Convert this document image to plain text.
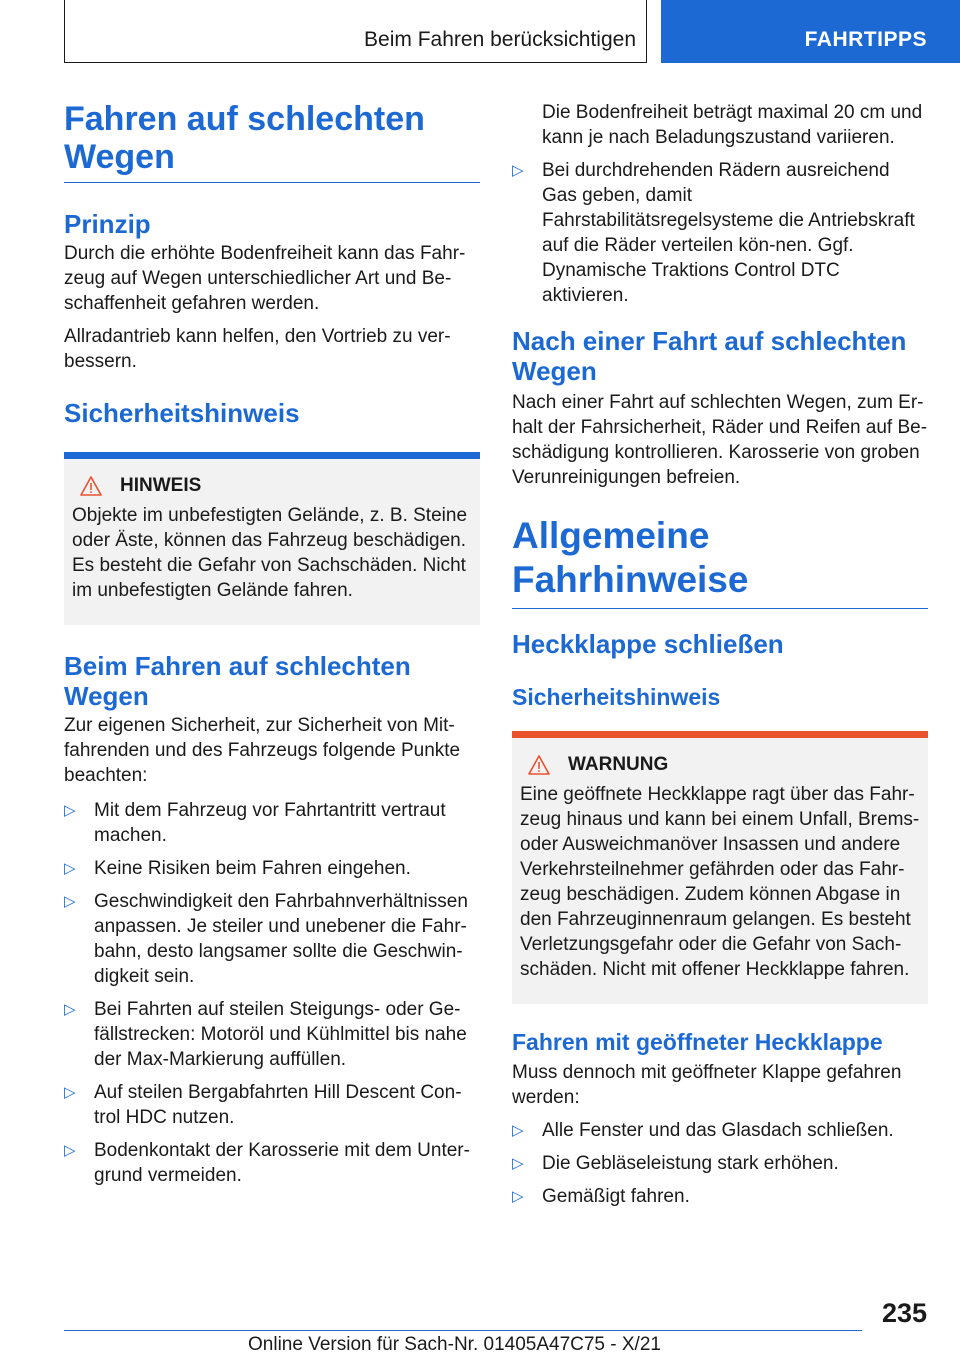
Beim Fahren berücksichtigen	FAHRTIPPS
Fahren auf schlechten Wegen
Prinzip

Durch die erhöhte Bodenfreiheit kann das Fahr-zeug auf Wegen unterschiedlicher Art und Be-schaffenheit gefahren werden.

Allradantrieb kann helfen, den Vortrieb zu ver-bessern.

Sicherheitshinweis
HINWEIS

Objekte im unbefestigten Gelände, z. B. Steine oder Äste, können das Fahrzeug beschädigen. Es besteht die Gefahr von Sachschäden. Nicht im unbefestigten Gelände fahren.

Beim Fahren auf schlechten Wegen

Zur eigenen Sicherheit, zur Sicherheit von Mit-fahrenden und des Fahrzeugs folgende Punkte beachten:

▷ Mit dem Fahrzeug vor Fahrtantritt vertraut machen.
▷ Keine Risiken beim Fahren eingehen.
▷ Geschwindigkeit den Fahrbahnverhältnissen anpassen. Je steiler und unebener die Fahr-bahn, desto langsamer sollte die Geschwin-digkeit sein.
▷ Bei Fahrten auf steilen Steigungs- oder Ge-fällstrecken: Motoröl und Kühlmittel bis nahe der Max-Markierung auffüllen.
▷ Auf steilen Bergabfahrten Hill Descent Con-trol HDC nutzen.
▷ Bodenkontakt der Karosserie mit dem Unter-grund vermeiden.

Die Bodenfreiheit beträgt maximal 20 cm und kann je nach Beladungszustand variieren.

▷ Bei durchdrehenden Rädern ausreichend Gas geben, damit Fahrstabilitätsregelsysteme die Antriebskraft auf die Räder verteilen kön-nen. Ggf. Dynamische Traktions Control DTC aktivieren.
Nach einer Fahrt auf schlechten Wegen

Nach einer Fahrt auf schlechten Wegen, zum Er-halt der Fahrsicherheit, Räder und Reifen auf Be-schädigung kontrollieren. Karosserie von groben Verunreinigungen befreien.

Allgemeine Fahrhinweise
Heckklappe schließen
Sicherheitshinweis
WARNUNG

Eine geöffnete Heckklappe ragt über das Fahr-zeug hinaus und kann bei einem Unfall, Brems- oder Ausweichmanöver Insassen und andere Verkehrsteilnehmer gefährden oder das Fahr-zeug beschädigen. Zudem können Abgase in den Fahrzeuginnenraum gelangen. Es besteht Verletzungsgefahr oder die Gefahr von Sach-schäden. Nicht mit offener Heckklappe fahren.

Fahren mit geöffneter Heckklappe

Muss dennoch mit geöffneter Klappe gefahren werden:

▷ Alle Fenster und das Glasdach schließen.
▷ Die Gebläseleistung stark erhöhen.
▷ Gemäßigt fahren.
235
Online Version für Sach-Nr. 01405A47C75 - X/21
